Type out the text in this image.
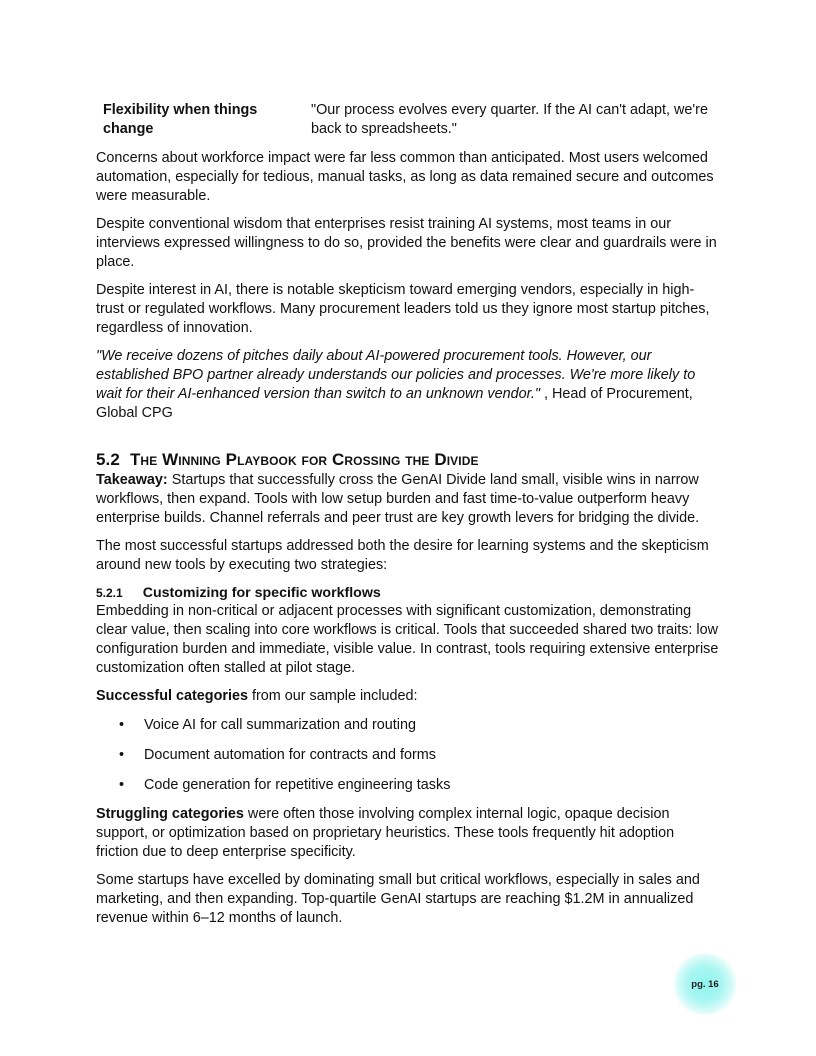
Flexibility when things change
"Our process evolves every quarter. If the AI can't adapt, we're back to spreadsheets."

Concerns about workforce impact were far less common than anticipated. Most users welcomed automation, especially for tedious, manual tasks, as long as data remained secure and outcomes were measurable.

Despite conventional wisdom that enterprises resist training AI systems, most teams in our interviews expressed willingness to do so, provided the benefits were clear and guardrails were in place.

Despite interest in AI, there is notable skepticism toward emerging vendors, especially in high-trust or regulated workflows. Many procurement leaders told us they ignore most startup pitches, regardless of innovation.

"We receive dozens of pitches daily about AI-powered procurement tools. However, our established BPO partner already understands our policies and processes. We're more likely to wait for their AI-enhanced version than switch to an unknown vendor." , Head of Procurement, Global CPG

5.2 The Winning Playbook for Crossing the Divide

Takeaway: Startups that successfully cross the GenAI Divide land small, visible wins in narrow workflows, then expand. Tools with low setup burden and fast time-to-value outperform heavy enterprise builds. Channel referrals and peer trust are key growth levers for bridging the divide.

The most successful startups addressed both the desire for learning systems and the skepticism around new tools by executing two strategies:

5.2.1 Customizing for specific workflows

Embedding in non-critical or adjacent processes with significant customization, demonstrating clear value, then scaling into core workflows is critical. Tools that succeeded shared two traits: low configuration burden and immediate, visible value. In contrast, tools requiring extensive enterprise customization often stalled at pilot stage.

Successful categories from our sample included:

• Voice AI for call summarization and routing
• Document automation for contracts and forms
• Code generation for repetitive engineering tasks

Struggling categories were often those involving complex internal logic, opaque decision support, or optimization based on proprietary heuristics. These tools frequently hit adoption friction due to deep enterprise specificity.

Some startups have excelled by dominating small but critical workflows, especially in sales and marketing, and then expanding. Top-quartile GenAI startups are reaching $1.2M in annualized revenue within 6–12 months of launch.

pg. 16
